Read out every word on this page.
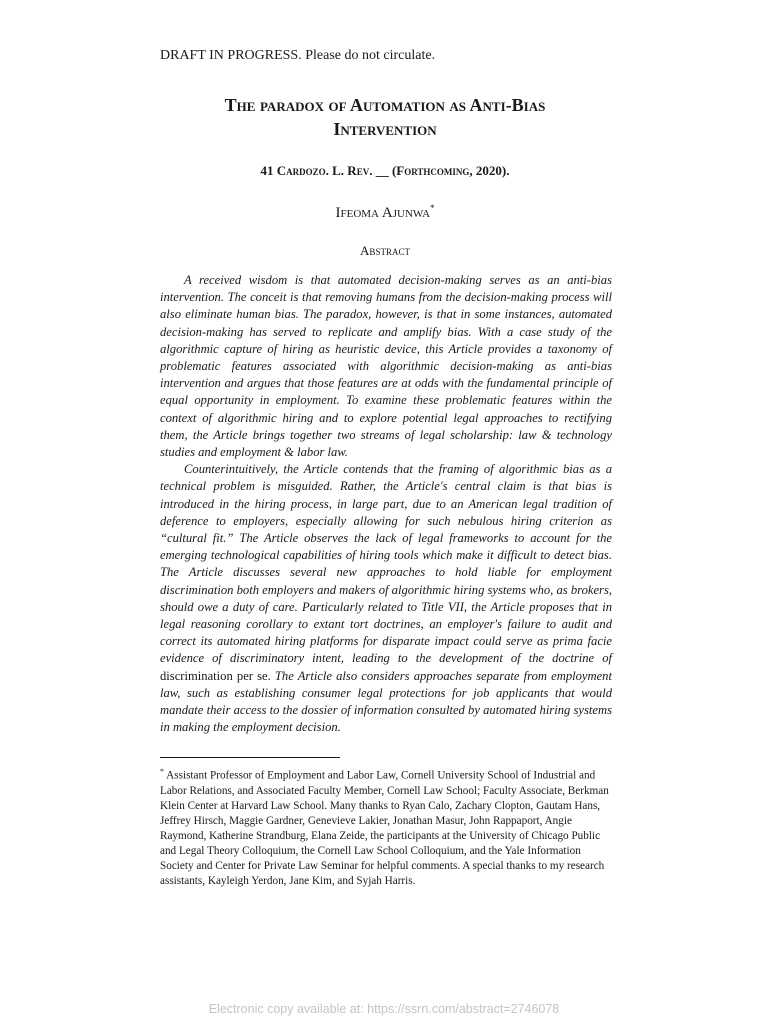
DRAFT IN PROGRESS. Please do not circulate.
The paradox of Automation as Anti-Bias
Intervention
41 Cardozo. L. Rev. __ (Forthcoming, 2020).
Ifeoma Ajunwa*
Abstract

A received wisdom is that automated decision-making serves as an anti-bias intervention. The conceit is that removing humans from the decision-making process will also eliminate human bias. The paradox, however, is that in some instances, automated decision-making has served to replicate and amplify bias. With a case study of the algorithmic capture of hiring as heuristic device, this Article provides a taxonomy of problematic features associated with algorithmic decision-making as anti-bias intervention and argues that those features are at odds with the fundamental principle of equal opportunity in employment. To examine these problematic features within the context of algorithmic hiring and to explore potential legal approaches to rectifying them, the Article brings together two streams of legal scholarship: law & technology studies and employment & labor law.

Counterintuitively, the Article contends that the framing of algorithmic bias as a technical problem is misguided. Rather, the Article's central claim is that bias is introduced in the hiring process, in large part, due to an American legal tradition of deference to employers, especially allowing for such nebulous hiring criterion as “cultural fit.” The Article observes the lack of legal frameworks to account for the emerging technological capabilities of hiring tools which make it difficult to detect bias. The Article discusses several new approaches to hold liable for employment discrimination both employers and makers of algorithmic hiring systems who, as brokers, should owe a duty of care. Particularly related to Title VII, the Article proposes that in legal reasoning corollary to extant tort doctrines, an employer's failure to audit and correct its automated hiring platforms for disparate impact could serve as prima facie evidence of discriminatory intent, leading to the development of the doctrine of discrimination per se. The Article also considers approaches separate from employment law, such as establishing consumer legal protections for job applicants that would mandate their access to the dossier of information consulted by automated hiring systems in making the employment decision.

* Assistant Professor of Employment and Labor Law, Cornell University School of Industrial and Labor Relations, and Associated Faculty Member, Cornell Law School; Faculty Associate, Berkman Klein Center at Harvard Law School. Many thanks to Ryan Calo, Zachary Clopton, Gautam Hans, Jeffrey Hirsch, Maggie Gardner, Genevieve Lakier, Jonathan Masur, John Rappaport, Angie Raymond, Katherine Strandburg, Elana Zeide, the participants at the University of Chicago Public and Legal Theory Colloquium, the Cornell Law School Colloquium, and the Yale Information Society and Center for Private Law Seminar for helpful comments. A special thanks to my research assistants, Kayleigh Yerdon, Jane Kim, and Syjah Harris.
Electronic copy available at: https://ssrn.com/abstract=2746078
